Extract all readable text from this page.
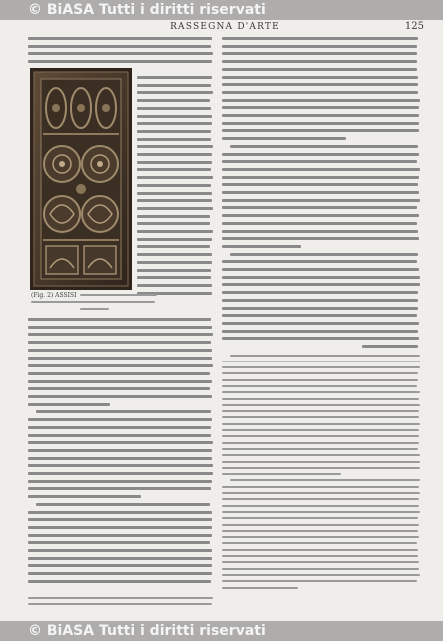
© BiASA Tutti i diritti riservati
RASSEGNA D'ARTE	125
(Fig. 2) ASSISI
© BiASA Tutti i diritti riservati
